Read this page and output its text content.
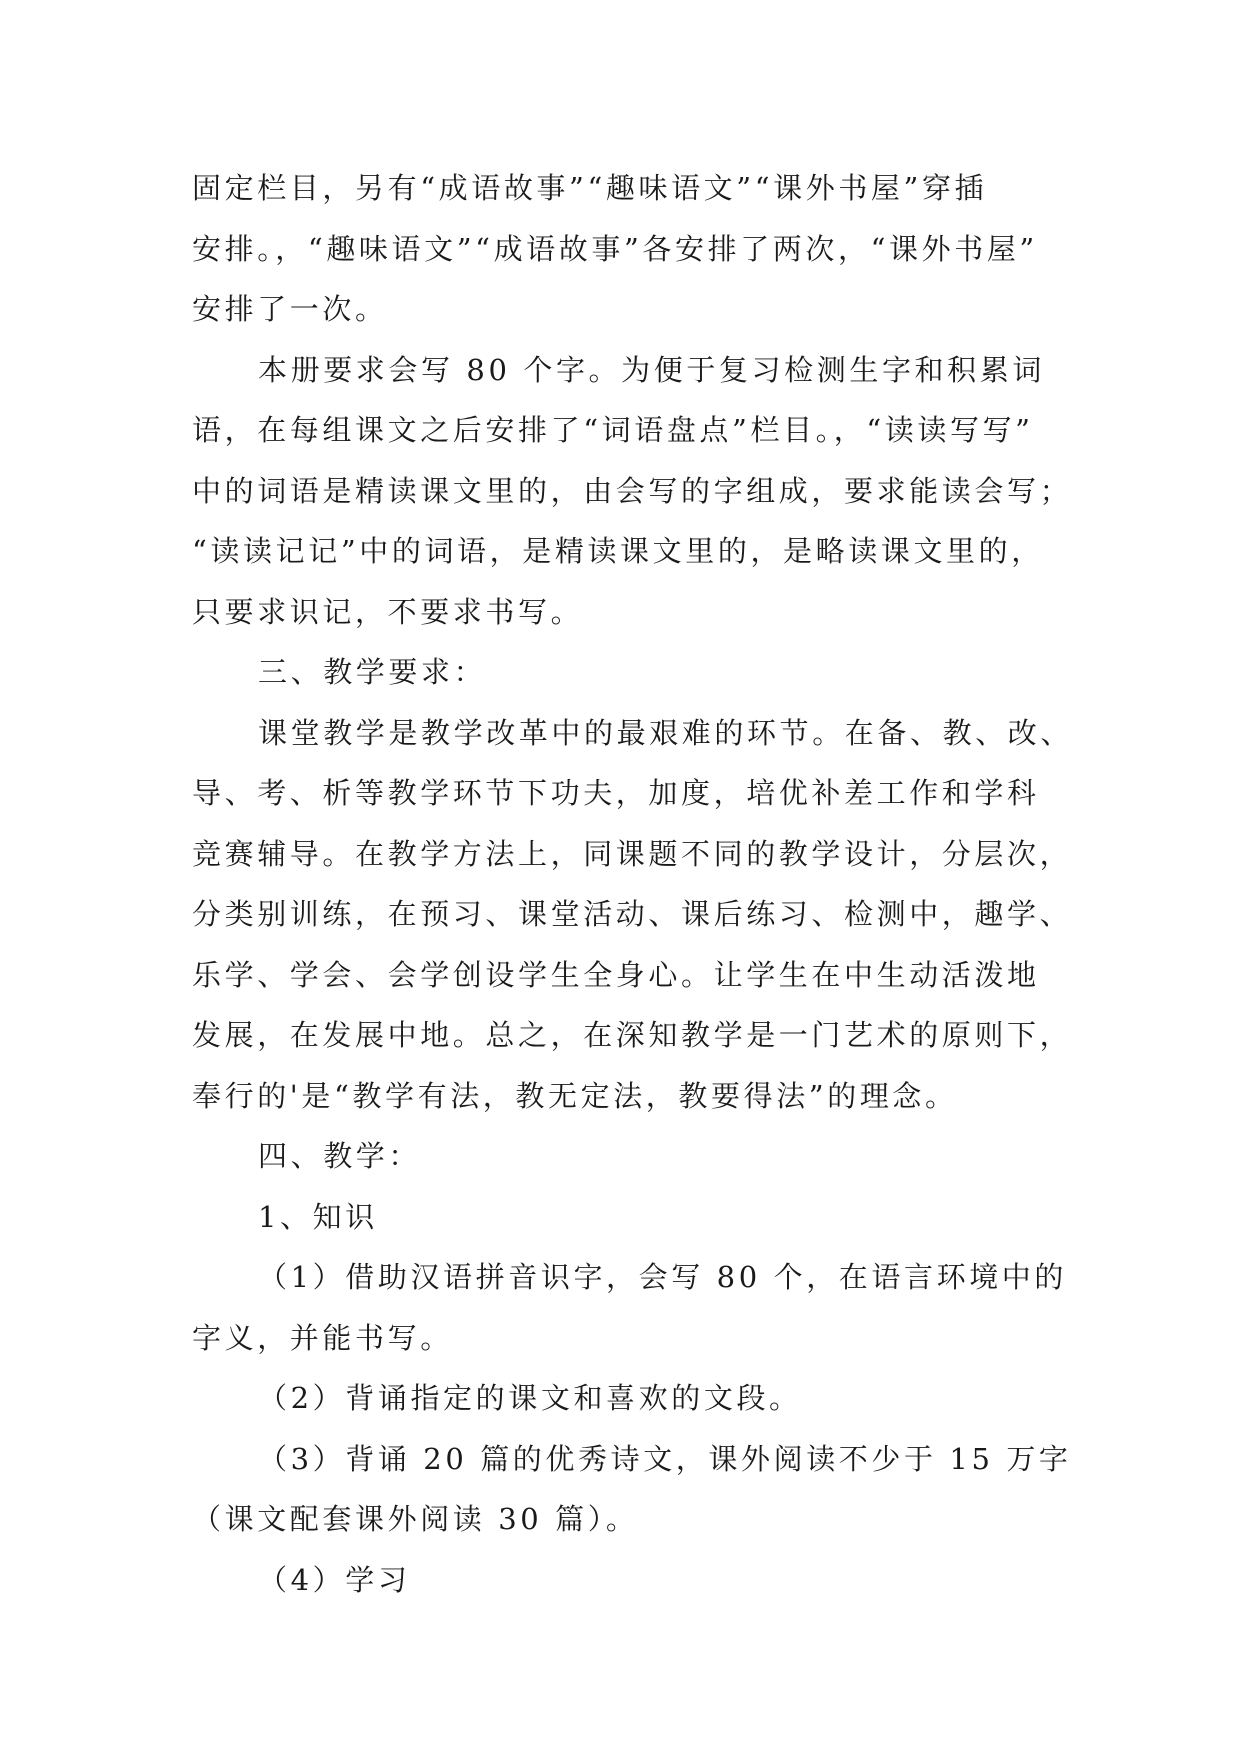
固定栏目，另有“成语故事”“趣味语文”“课外书屋”穿插
安排。，“趣味语文”“成语故事”各安排了两次，“课外书屋”
安排了一次。
本册要求会写 80 个字。为便于复习检测生字和积累词
语，在每组课文之后安排了“词语盘点”栏目。，“读读写写”
中的词语是精读课文里的，由会写的字组成，要求能读会写；
“读读记记”中的词语，是精读课文里的，是略读课文里的，
只要求识记，不要求书写。
三、教学要求：
课堂教学是教学改革中的最艰难的环节。在备、教、改、
导、考、析等教学环节下功夫，加度，培优补差工作和学科
竞赛辅导。在教学方法上，同课题不同的教学设计，分层次，
分类别训练，在预习、课堂活动、课后练习、检测中，趣学、
乐学、学会、会学创设学生全身心。让学生在中生动活泼地
发展，在发展中地。总之，在深知教学是一门艺术的原则下，
奉行的'是“教学有法，教无定法，教要得法”的理念。
四、教学：
1、知识
（1）借助汉语拼音识字，会写 80 个，在语言环境中的
字义，并能书写。
（2）背诵指定的课文和喜欢的文段。
（3）背诵 20 篇的优秀诗文，课外阅读不少于 15 万字
（课文配套课外阅读 30 篇）。
（4）学习
